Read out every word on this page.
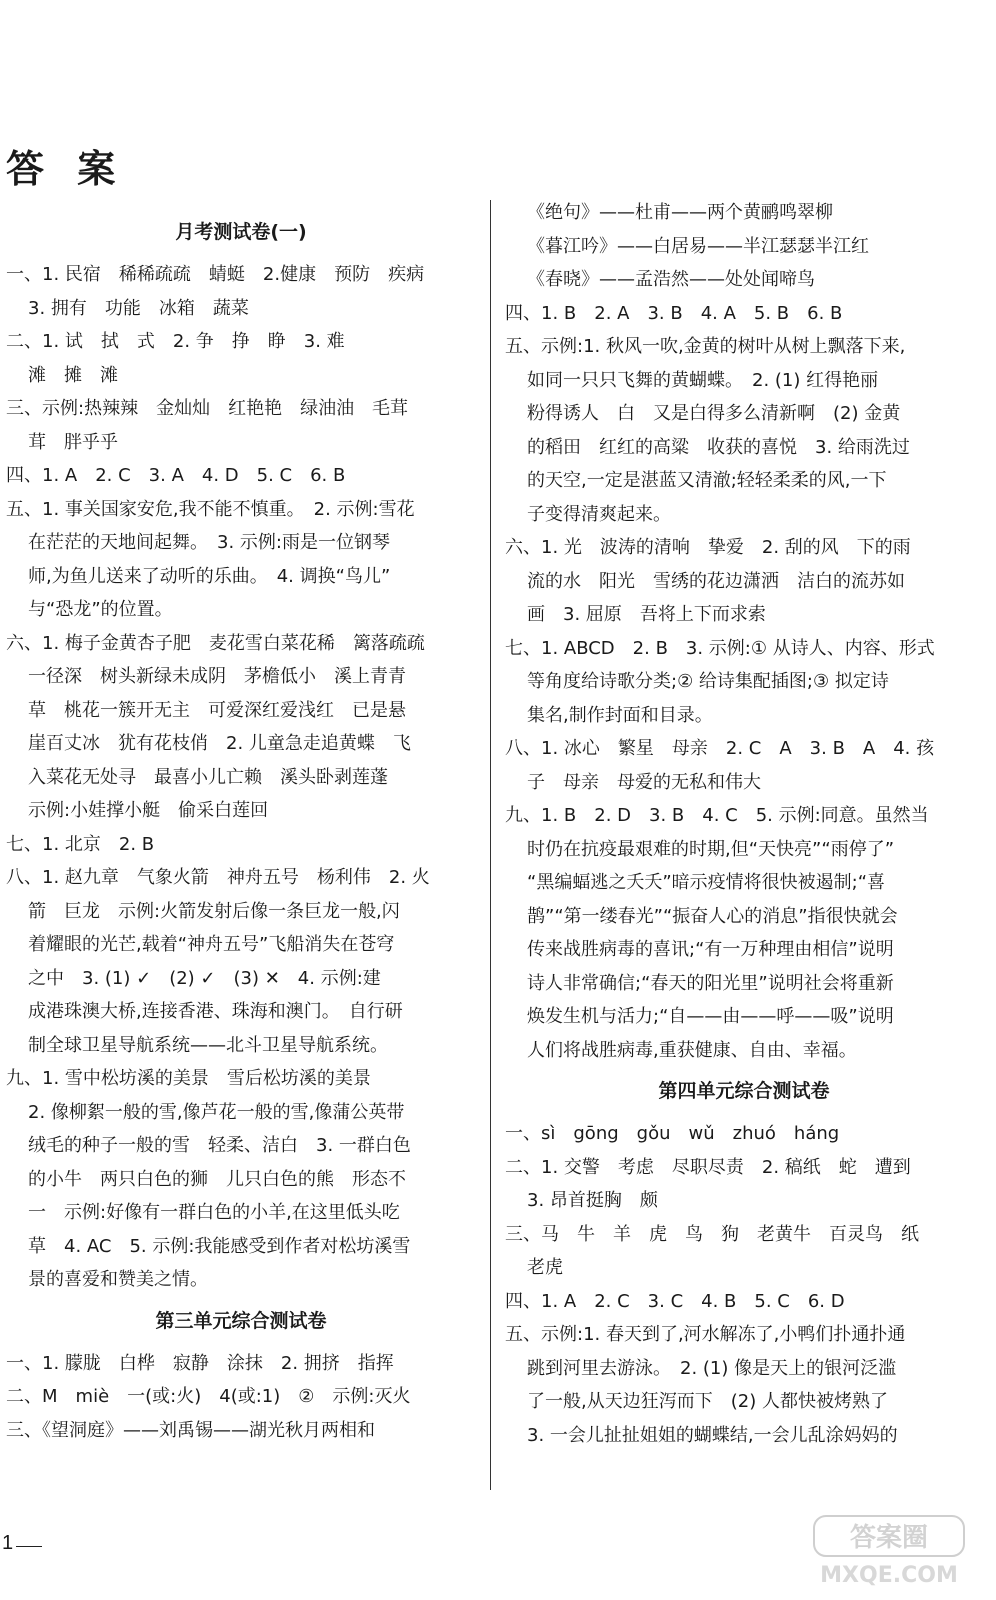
答 案
月考测试卷(一)
一、1. 民宿　稀稀疏疏　蜻蜓　2.健康　预防　疾病
3. 拥有　功能　冰箱　蔬菜
二、1. 试　拭　式　2. 争　挣　睁　3. 难
滩　摊　滩
三、示例:热辣辣　金灿灿　红艳艳　绿油油　毛茸
茸　胖乎乎
四、1. A　2. C　3. A　4. D　5. C　6. B
五、1. 事关国家安危,我不能不慎重。　2. 示例:雪花
在茫茫的天地间起舞。　3. 示例:雨是一位钢琴
师,为鱼儿送来了动听的乐曲。　4. 调换“鸟儿”
与“恐龙”的位置。
六、1. 梅子金黄杏子肥　麦花雪白菜花稀　篱落疏疏
一径深　树头新绿未成阴　茅檐低小　溪上青青
草　桃花一簇开无主　可爱深红爱浅红　已是悬
崖百丈冰　犹有花枝俏　2. 儿童急走追黄蝶　飞
入菜花无处寻　最喜小儿亡赖　溪头卧剥莲蓬
示例:小娃撑小艇　偷采白莲回
七、1. 北京　2. B
八、1. 赵九章　气象火箭　神舟五号　杨利伟　2. 火
箭　巨龙　示例:火箭发射后像一条巨龙一般,闪
着耀眼的光芒,载着“神舟五号”飞船消失在苍穹
之中　3. (1) ✓　(2) ✓　(3) ✕　4. 示例:建
成港珠澳大桥,连接香港、珠海和澳门。　自行研
制全球卫星导航系统——北斗卫星导航系统。
九、1. 雪中松坊溪的美景　雪后松坊溪的美景
2. 像柳絮一般的雪,像芦花一般的雪,像蒲公英带
绒毛的种子一般的雪　轻柔、洁白　3. 一群白色
的小牛　两只白色的狮　儿只白色的熊　形态不
一　示例:好像有一群白色的小羊,在这里低头吃
草　4. AC　5. 示例:我能感受到作者对松坊溪雪
景的喜爱和赞美之情。
第三单元综合测试卷
一、1. 朦胧　白桦　寂静　涂抹　2. 拥挤　指挥
二、M　miè　一(或:火)　4(或:1)　②　示例:灭火
三、《望洞庭》——刘禹锡——湖光秋月两相和
《绝句》——杜甫——两个黄鹂鸣翠柳
《暮江吟》——白居易——半江瑟瑟半江红
《春晓》——孟浩然——处处闻啼鸟
四、1. B　2. A　3. B　4. A　5. B　6. B
五、示例:1. 秋风一吹,金黄的树叶从树上飘落下来,
如同一只只飞舞的黄蝴蝶。　2. (1) 红得艳丽
粉得诱人　白　又是白得多么清新啊　(2) 金黄
的稻田　红红的高粱　收获的喜悦　3. 给雨洗过
的天空,一定是湛蓝又清澈;轻轻柔柔的风,一下
子变得清爽起来。
六、1. 光　波涛的清响　挚爱　2. 刮的风　下的雨
流的水　阳光　雪绣的花边潇洒　洁白的流苏如
画　3. 屈原　吾将上下而求索
七、1. ABCD　2. B　3. 示例:① 从诗人、内容、形式
等角度给诗歌分类;② 给诗集配插图;③ 拟定诗
集名,制作封面和目录。
八、1. 冰心　繁星　母亲　2. C　A　3. B　A　4. 孩
子　母亲　母爱的无私和伟大
九、1. B　2. D　3. B　4. C　5. 示例:同意。虽然当
时仍在抗疫最艰难的时期,但“天快亮”“雨停了”
“黑编蝠逃之夭夭”暗示疫情将很快被遏制;“喜
鹊”“第一缕春光”“振奋人心的消息”指很快就会
传来战胜病毒的喜讯;“有一万种理由相信”说明
诗人非常确信;“春天的阳光里”说明社会将重新
焕发生机与活力;“自——由——呼——吸”说明
人们将战胜病毒,重获健康、自由、幸福。
第四单元综合测试卷
一、sì　gōng　gǒu　wǔ　zhuó　háng
二、1. 交警　考虑　尽职尽责　2. 稿纸　蛇　遭到
3. 昂首挺胸　颇
三、马　牛　羊　虎　鸟　狗　老黄牛　百灵鸟　纸
老虎
四、1. A　2. C　3. C　4. B　5. C　6. D
五、示例:1. 春天到了,河水解冻了,小鸭们扑通扑通
跳到河里去游泳。　2. (1) 像是天上的银河泛滥
了一般,从天边狂泻而下　(2) 人都快被烤熟了
3. 一会儿扯扯姐姐的蝴蝶结,一会儿乱涂妈妈的
1	答案圈
MXQE.COM
